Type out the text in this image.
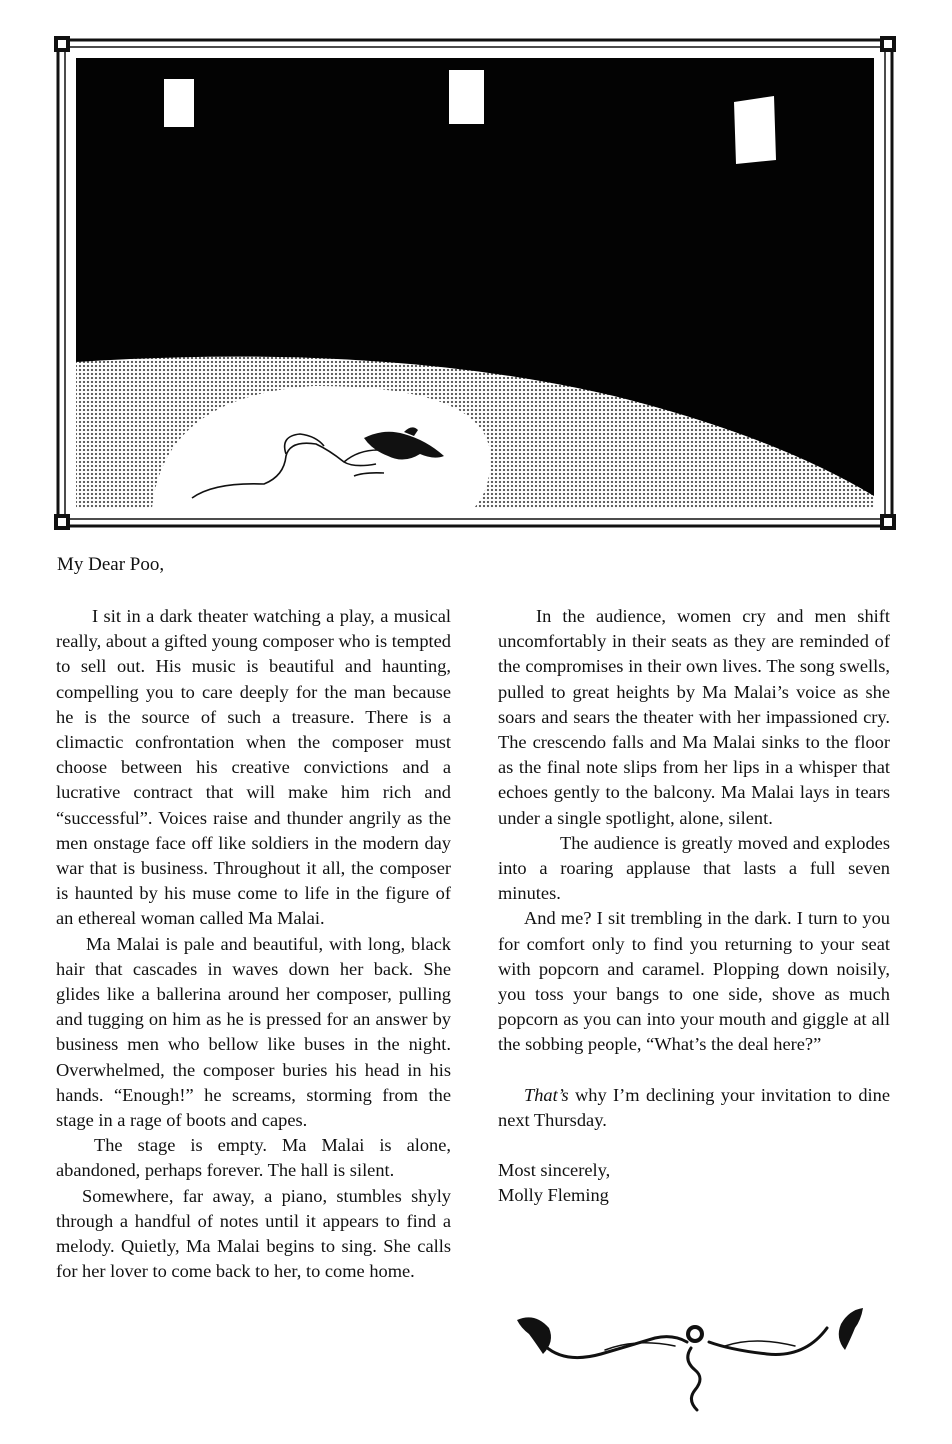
My Dear Poo,

I sit in a dark theater watching a play, a musical really, about a gifted young composer who is tempted to sell out. His music is beautiful and haunting, compelling you to care deeply for the man because he is the source of such a treasure. There is a climactic confrontation when the composer must choose between his creative convictions and a lucrative contract that will make him rich and “successful”. Voices raise and thunder angrily as the men onstage face off like soldiers in the modern day war that is business. Throughout it all, the composer is haunted by his muse come to life in the figure of an ethereal woman called Ma Malai.

Ma Malai is pale and beautiful, with long, black hair that cascades in waves down her back. She glides like a ballerina around her composer, pulling and tugging on him as he is pressed for an answer by business men who bellow like buses in the night. Overwhelmed, the composer buries his head in his hands. “Enough!” he screams, storming from the stage in a rage of boots and capes.

The stage is empty. Ma Malai is alone, abandoned, perhaps forever. The hall is silent.

Somewhere, far away, a piano, stumbles shyly through a handful of notes until it appears to find a melody. Quietly, Ma Malai begins to sing. She calls for her lover to come back to her, to come home.

In the audience, women cry and men shift uncomfortably in their seats as they are reminded of the compromises in their own lives. The song swells, pulled to great heights by Ma Malai’s voice as she soars and sears the theater with her impassioned cry. The crescendo falls and Ma Malai sinks to the floor as the final note slips from her lips in a whisper that echoes gently to the balcony. Ma Malai lays in tears under a single spotlight, alone, silent.

The audience is greatly moved and explodes into a roaring applause that lasts a full seven minutes.

And me? I sit trembling in the dark. I turn to you for comfort only to find you returning to your seat with popcorn and caramel. Plopping down noisily, you toss your bangs to one side, shove as much popcorn as you can into your mouth and giggle at all the sobbing people, “What’s the deal here?”

That’s why I’m declining your invitation to dine next Thursday.

Most sincerely,

Molly Fleming
